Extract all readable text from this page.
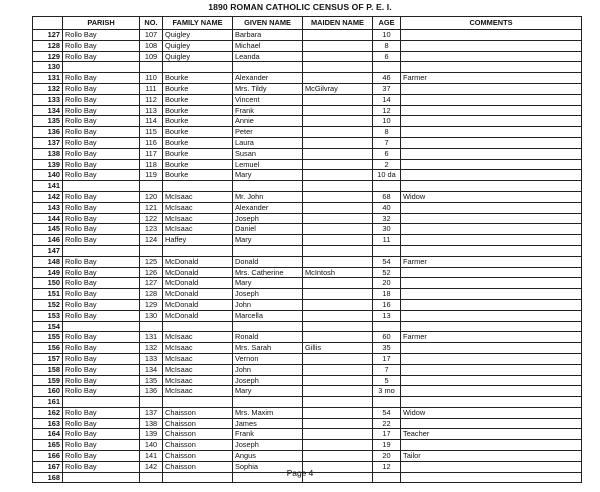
1890 ROMAN CATHOLIC CENSUS OF P. E. I.
	PARISH	NO.	FAMILY NAME	GIVEN NAME	MAIDEN NAME	AGE	COMMENTS
127	Rollo Bay	107	Quigley	Barbara		10	
128	Rollo Bay	108	Quigley	Michael		8	
129	Rollo Bay	109	Quigley	Leanda		6	
130							
131	Rollo Bay	110	Bourke	Alexander		46	Farmer
132	Rollo Bay	111	Bourke	Mrs. Tildy	McGilvray	37	
133	Rollo Bay	112	Bourke	Vincent		14	
134	Rollo Bay	113	Bourke	Frank		12	
135	Rollo Bay	114	Bourke	Annie		10	
136	Rollo Bay	115	Bourke	Peter		8	
137	Rollo Bay	116	Bourke	Laura		7	
138	Rollo Bay	117	Bourke	Susan		6	
139	Rollo Bay	118	Bourke	Lemuel		2	
140	Rollo Bay	119	Bourke	Mary		10 da	
141							
142	Rollo Bay	120	McIsaac	Mr. John		68	Widow
143	Rollo Bay	121	McIsaac	Alexander		40	
144	Rollo Bay	122	McIsaac	Joseph		32	
145	Rollo Bay	123	McIsaac	Daniel		30	
146	Rollo Bay	124	Haffey	Mary		11	
147							
148	Rollo Bay	125	McDonald	Donald		54	Farmer
149	Rollo Bay	126	McDonald	Mrs. Catherine	McIntosh	52	
150	Rollo Bay	127	McDonald	Mary		20	
151	Rollo Bay	128	McDonald	Joseph		18	
152	Rollo Bay	129	McDonald	John		16	
153	Rollo Bay	130	McDonald	Marcella		13	
154							
155	Rollo Bay	131	McIsaac	Ronald		60	Farmer
156	Rollo Bay	132	McIsaac	Mrs. Sarah	Gillis	35	
157	Rollo Bay	133	McIsaac	Vernon		17	
158	Rollo Bay	134	McIsaac	John		7	
159	Rollo Bay	135	McIsaac	Joseph		5	
160	Rollo Bay	136	McIsaac	Mary		3 mo	
161							
162	Rollo Bay	137	Chaisson	Mrs. Maxim		54	Widow
163	Rollo Bay	138	Chaisson	James		22	
164	Rollo Bay	139	Chaisson	Frank		17	Teacher
165	Rollo Bay	140	Chaisson	Joseph		19	
166	Rollo Bay	141	Chaisson	Angus		20	Tailor
167	Rollo Bay	142	Chaisson	Sophia		12	
168								Page 4
